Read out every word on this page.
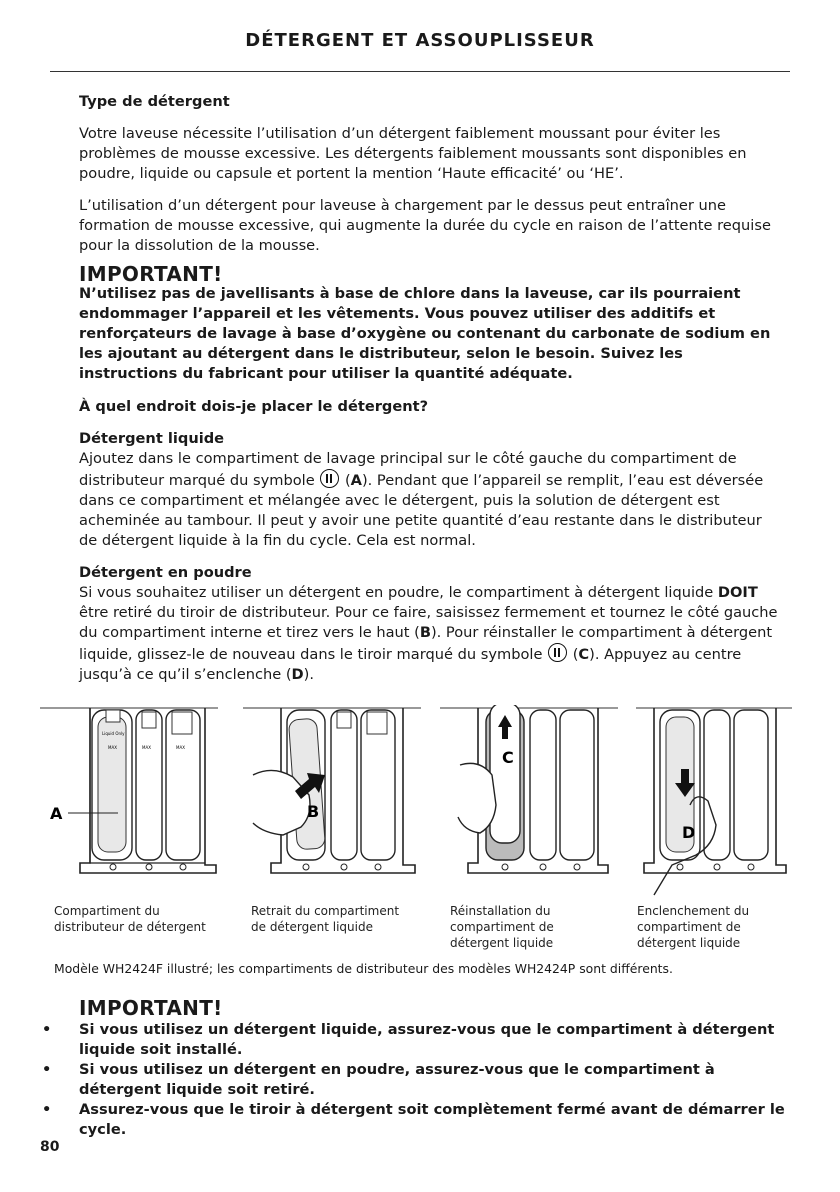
DÉTERGENT ET ASSOUPLISSEUR

Type de détergent

Votre laveuse nécessite l’utilisation d’un détergent faiblement moussant pour éviter les problèmes de mousse excessive. Les détergents faiblement moussants sont disponibles en poudre, liquide ou capsule et portent la mention ‘Haute efficacité’ ou ‘HE’.

L’utilisation d’un détergent pour laveuse à chargement par le dessus peut entraîner une formation de mousse excessive, qui augmente la durée du cycle en raison de l’attente requise pour la dissolution de la mousse.

IMPORTANT!

N’utilisez pas de javellisants à base de chlore dans la laveuse, car ils pourraient endommager l’appareil et les vêtements. Vous pouvez utiliser des additifs et renforçateurs de lavage à base d’oxygène ou contenant du carbonate de sodium en les ajoutant au détergent dans le distributeur, selon le besoin. Suivez les instructions du fabricant pour utiliser la quantité adéquate.

À quel endroit dois-je placer le détergent?

Détergent liquide

Ajoutez dans le compartiment de lavage principal sur le côté gauche du compartiment de distributeur marqué du symbole  (A). Pendant que l’appareil se remplit, l’eau est déversée dans ce compartiment et mélangée avec le détergent, puis la solution de détergent est acheminée au tambour. Il peut y avoir une petite quantité d’eau restante dans le distributeur de détergent liquide à la fin du cycle. Cela est normal.

Détergent en poudre

Si vous souhaitez utiliser un détergent en poudre, le compartiment à détergent liquide DOIT être retiré du tiroir de distributeur. Pour ce faire, saisissez fermement et tournez le côté gauche du compartiment interne et tirez vers le haut (B). Pour réinstaller le compartiment à détergent liquide, glissez-le de nouveau dans le tiroir marqué du symbole  (C). Appuyez au centre jusqu’à ce qu’il s’enclenche (D).

Liquid Only
MAX	MAX	MAX
A	B
C
D
Compartiment du
distributeur de détergent
Retrait du compartiment
de détergent liquide
Réinstallation du
compartiment de
détergent liquide
Enclenchement du
compartiment de
détergent liquide
Modèle WH2424F illustré; les compartiments de distributeur des modèles WH2424P sont différents.

IMPORTANT!

• Si vous utilisez un détergent liquide, assurez-vous que le compartiment à détergent liquide soit installé.

• Si vous utilisez un détergent en poudre, assurez-vous que le compartiment à détergent liquide soit retiré.

• Assurez-vous que le tiroir à détergent soit complètement fermé avant de démarrer le cycle.

80
